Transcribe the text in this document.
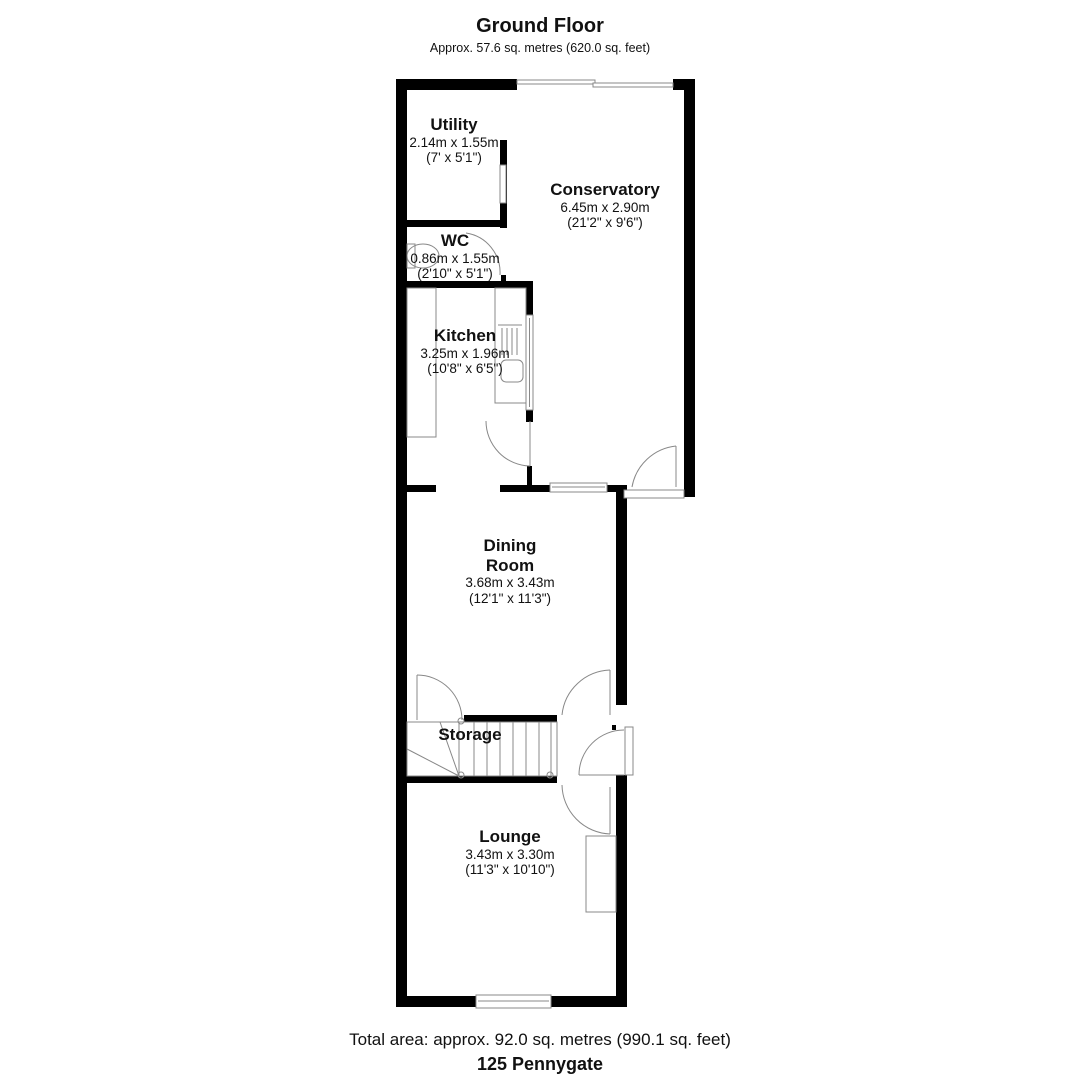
Ground Floor
Approx. 57.6 sq. metres (620.0 sq. feet)
Utility
2.14m x 1.55m
(7' x 5'1")
Conservatory
6.45m x 2.90m
(21'2" x 9'6")
WC
0.86m x 1.55m
(2'10" x 5'1")
Kitchen
3.25m x 1.96m
(10'8" x 6'5")
Dining
Room
3.68m x 3.43m
(12'1" x 11'3")
Storage
Lounge
3.43m x 3.30m
(11'3" x 10'10")
Total area: approx. 92.0 sq. metres (990.1 sq. feet)
125 Pennygate
